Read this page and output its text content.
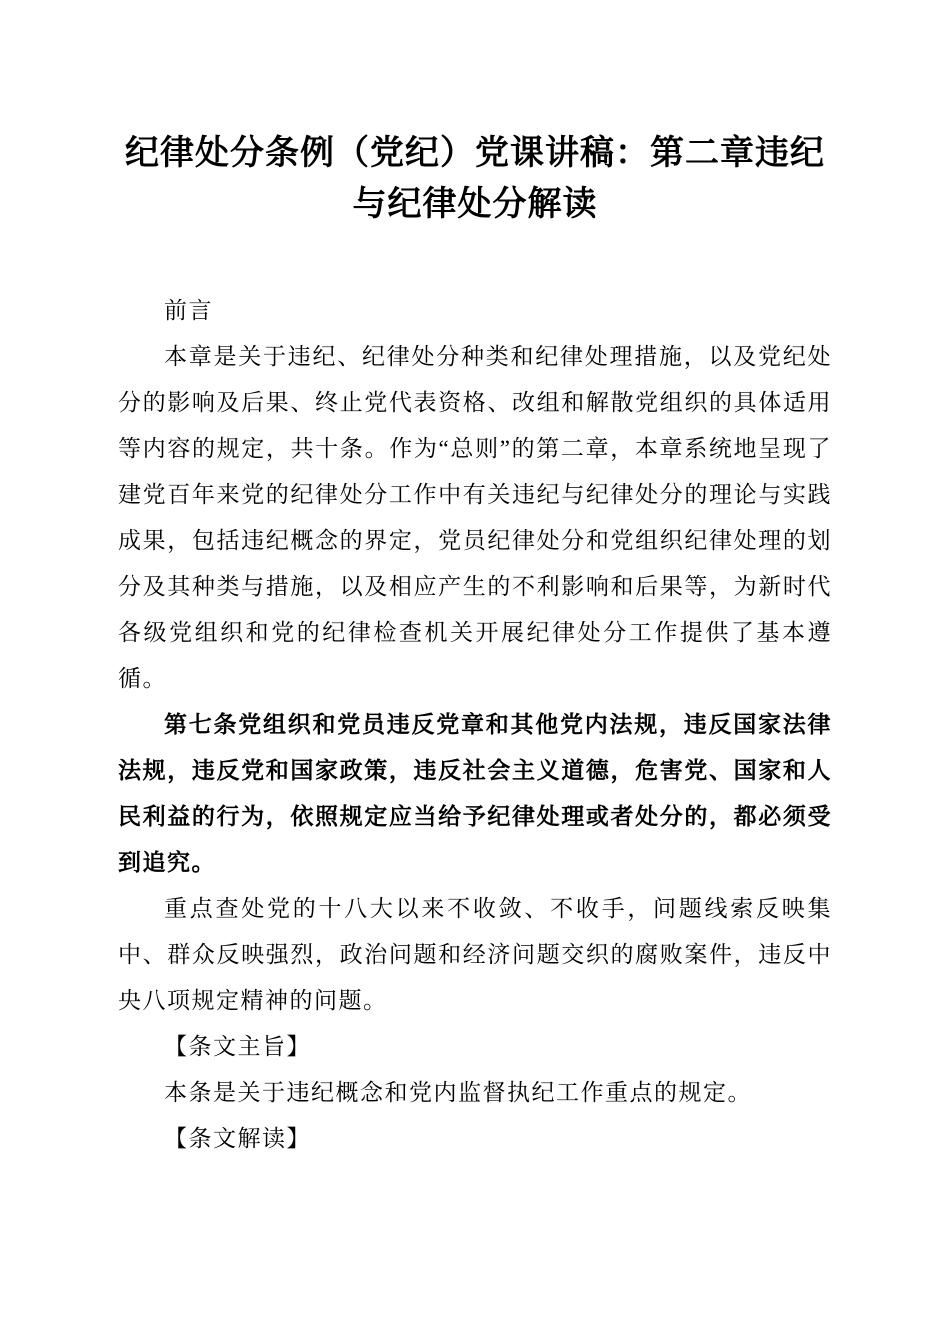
纪律处分条例（党纪）党课讲稿：第二章违纪与纪律处分解读

前言

本章是关于违纪、纪律处分种类和纪律处理措施，以及党纪处分的影响及后果、终止党代表资格、改组和解散党组织的具体适用等内容的规定，共十条。作为“总则”的第二章，本章系统地呈现了建党百年来党的纪律处分工作中有关违纪与纪律处分的理论与实践成果，包括违纪概念的界定，党员纪律处分和党组织纪律处理的划分及其种类与措施，以及相应产生的不利影响和后果等，为新时代各级党组织和党的纪律检查机关开展纪律处分工作提供了基本遵循。

第七条党组织和党员违反党章和其他党内法规，违反国家法律法规，违反党和国家政策，违反社会主义道德，危害党、国家和人民利益的行为，依照规定应当给予纪律处理或者处分的，都必须受到追究。

重点查处党的十八大以来不收敛、不收手，问题线索反映集中、群众反映强烈，政治问题和经济问题交织的腐败案件，违反中央八项规定精神的问题。

【条文主旨】

本条是关于违纪概念和党内监督执纪工作重点的规定。

【条文解读】
